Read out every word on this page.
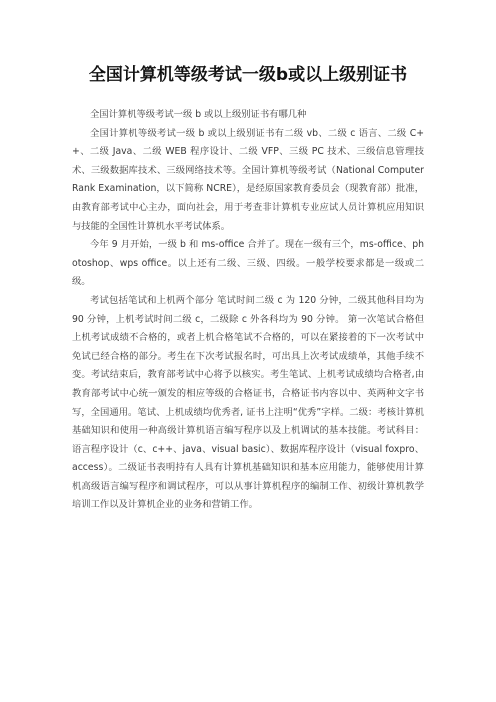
全国计算机等级考试一级b或以上级别证书

全国计算机等级考试一级 b 或以上级别证书有哪几种

全国计算机等级考试一级 b 或以上级别证书有二级 vb、二级 c 语言、二级 C++、二级 Java、二级 WEB 程序设计、二级 VFP、三级 PC 技术、三级信息管理技术、三级数据库技术、三级网络技术等。全国计算机等级考试（National Computer Rank Examination，以下简称 NCRE），是经原国家教育委员会（现教育部）批准，由教育部考试中心主办，面向社会，用于考查非计算机专业应试人员计算机应用知识与技能的全国性计算机水平考试体系。

今年 9 月开始，一级 b 和 ms-office 合并了。现在一级有三个，ms-office、photoshop、wps office。以上还有二级、三级、四级。一般学校要求都是一级或二级。

考试包括笔试和上机两个部分 笔试时间二级 c 为 120 分钟，二级其他科目均为 90 分钟，上机考试时间二级 c，二级除 c 外各科均为 90 分钟。 第一次笔试合格但上机考试成绩不合格的，或者上机合格笔试不合格的，可以在紧接着的下一次考试中免试已经合格的部分。考生在下次考试报名时，可出具上次考试成绩单，其他手续不变。考试结束后，教育部考试中心将予以核实。考生笔试、上机考试成绩均合格者,由教育部考试中心统一颁发的相应等级的合格证书，合格证书内容以中、英两种文字书写，全国通用。笔试、上机成绩均优秀者, 证书上注明“优秀”字样。二级：考核计算机基础知识和使用一种高级计算机语言编写程序以及上机调试的基本技能。考试科目：语言程序设计（c、c++、java、visual basic）、数据库程序设计（visual foxpro、access）。二级证书表明持有人具有计算机基础知识和基本应用能力，能够使用计算机高级语言编写程序和调试程序，可以从事计算机程序的编制工作、初级计算机教学培训工作以及计算机企业的业务和营销工作。
